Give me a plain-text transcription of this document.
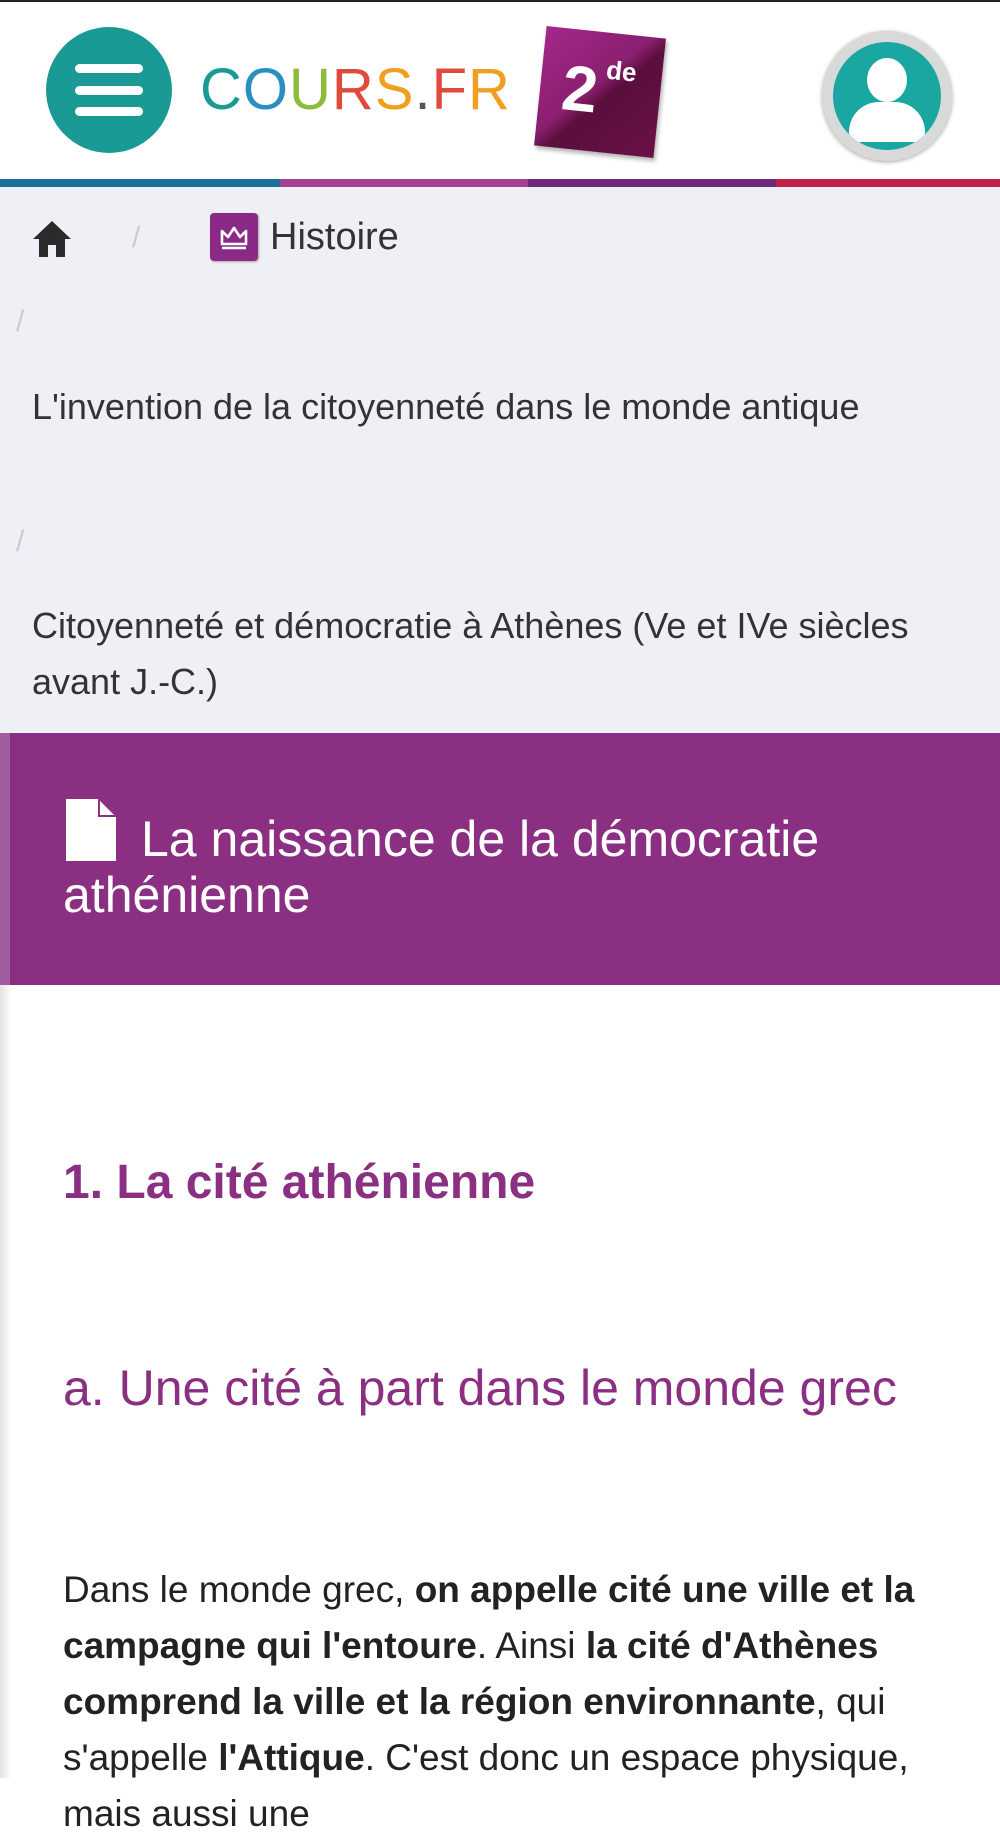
COURS.FR 2 de
/	Histoire
/
L'invention de la citoyenneté dans le monde antique
/
Citoyenneté et démocratie à Athènes (Ve et IVe siècles avant J.-C.)
La naissance de la démocratie athénienne
1. La cité athénienne
a. Une cité à part dans le monde grec

Dans le monde grec, on appelle cité une ville et la campagne qui l'entoure. Ainsi la cité d'Athènes comprend la ville et la région environnante, qui s'appelle l'Attique. C'est donc un espace physique, mais aussi une
